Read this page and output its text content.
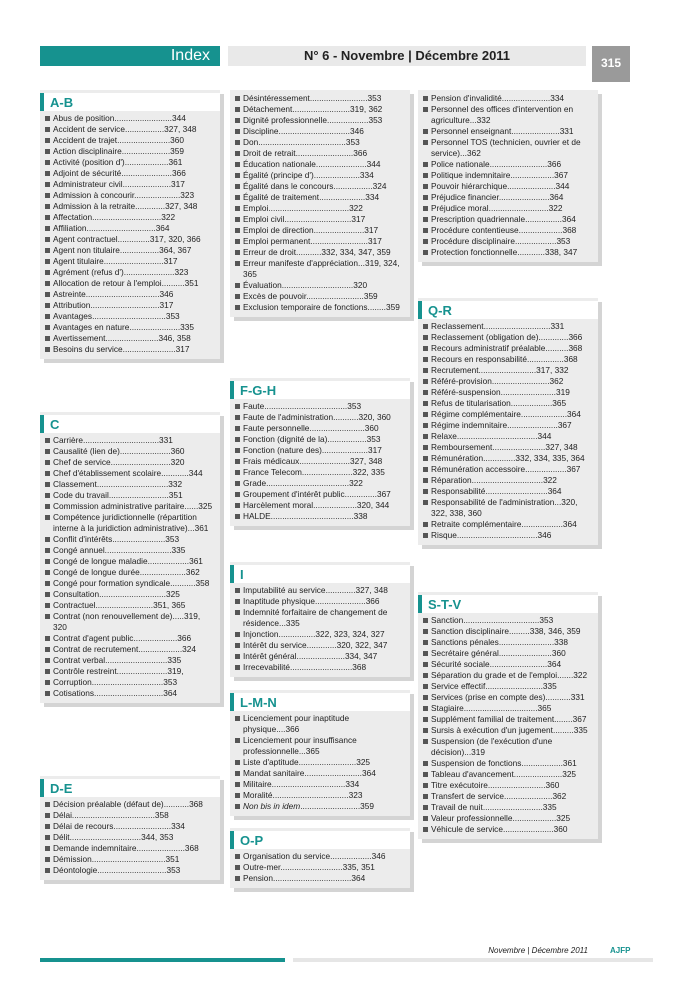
Index	N° 6 - Novembre | Décembre 2011	315
A-B
Abus de position.........................344
Accident de service.................327, 348
Accident de trajet.......................360
Action disciplinaire.....................359
Activité (position d')...................361
Adjoint de sécurité......................366
Administrateur civil.....................317
Admission à concourir....................323
Admission à la retraite.............327, 348
Affectation..............................322
Affiliation..............................364
Agent contractuel..............317, 320, 366
Agent non titulaire.................364, 367
Agent titulaire..........................317
Agrément (refus d')......................323
Allocation de retour à l'emploi..........351
Astreinte................................346
Attribution..............................317
Avantages................................353
Avantages en nature......................335
Avertissement.......................346, 358
Besoins du service.......................317
C
Carrière.................................331
Causalité (lien de)......................360
Chef de service..........................320
Chef d'établissement scolaire............344
Classement...............................332
Code du travail..........................351
Commission administrative paritaire......325
Compétence juridictionnelle (répartition interne à la juridiction administrative)...361
Conflit d'intérêts.......................353
Congé annuel.............................335
Congé de longue maladie..................361
Congé de longue durée....................362
Congé pour formation syndicale...........358
Consultation.............................325
Contractuel.........................351, 365
Contrat (non renouvellement de).....319, 320
Contrat d'agent public...................366
Contrat de recrutement...................324
Contrat verbal...........................335
Contrôle restreint......................319,
Corruption...............................353
Cotisations..............................364
D-E
Décision préalable (défaut de)...........368
Délai....................................358
Délai de recours.........................334
Délit...............................344, 353
Demande indemnitaire.....................368
Démission................................351
Déontologie..............................353
Désintéressement.........................353
Détachement.........................319, 362
Dignité professionnelle..................353
Discipline...............................346
Don......................................353
Droit de retrait.........................366
Éducation nationale......................344
Égalité (principe d')....................334
Égalité dans le concours.................324
Égalité de traitement....................334
Emploi...................................322
Emploi civil.............................317
Emploi de direction......................317
Emploi permanent.........................317
Erreur de droit...........332, 334, 347, 359
Erreur manifeste d'appréciation...319, 324, 365
Évaluation...............................320
Excès de pouvoir.........................359
Exclusion temporaire de fonctions........359
F-G-H
Faute....................................353
Faute de l'administration...........320, 360
Faute personnelle........................360
Fonction (dignité de la).................353
Fonction (nature des)....................317
Frais médicaux......................327, 348
France Telecom......................322, 335
Grade....................................322
Groupement d'intérêt public..............367
Harcèlement moral...................320, 344
HALDE....................................338
I
Imputabilité au service.............327, 348
Inaptitude physique......................366
Indemnité forfaitaire de changement de résidence...335
Injonction................322, 323, 324, 327
Intérêt du service.............320, 322, 347
Intérêt général.....................334, 347
Irrecevabilité...........................368
L-M-N
Licenciement pour inaptitude physique....366
Licenciement pour insuffisance professionnelle...365
Liste d'aptitude.........................325
Mandat sanitaire.........................364
Militaire................................334
Moralité.................................323
Non bis in idem..........................359
O-P
Organisation du service..................346
Outre-mer...........................335, 351
Pension..................................364
Pension d'invalidité.....................334
Personnel des offices d'intervention en agriculture...332
Personnel enseignant.....................331
Personnel TOS (technicien, ouvrier et de service)...362
Police nationale.........................366
Politique indemnitaire...................367
Pouvoir hiérarchique.....................344
Préjudice financier......................364
Préjudice moral..........................322
Prescription quadriennale................364
Procédure contentieuse...................368
Procédure disciplinaire..................353
Protection fonctionnelle............338, 347
Q-R
Reclassement.............................331
Reclassement (obligation de).............366
Recours administratif préalable..........368
Recours en responsabilité................368
Recrutement.........................317, 332
Référé-provision.........................362
Référé-suspension........................319
Refus de titularisation..................365
Régime complémentaire....................364
Régime indemnitaire......................367
Relaxe...................................344
Remboursement.......................327, 348
Rémunération..............332, 334, 335, 364
Rémunération accessoire..................367
Réparation...............................322
Responsabilité...........................364
Responsabilité de l'administration...320, 322, 338, 360
Retraite complémentaire..................364
Risque...................................346
S-T-V
Sanction.................................353
Sanction disciplinaire.........338, 346, 359
Sanctions pénales........................338
Secrétaire général.......................360
Sécurité sociale.........................364
Séparation du grade et de l'emploi.......322
Service effectif.........................335
Services (prise en compte des)...........331
Stagiaire................................365
Supplément familial de traitement........367
Sursis à exécution d'un jugement.........335
Suspension (de l'exécution d'une décision)...319
Suspension de fonctions..................361
Tableau d'avancement.....................325
Titre exécutoire.........................360
Transfert de service.....................362
Travail de nuit..........................335
Valeur professionnelle...................325
Véhicule de service......................360
Novembre | Décembre 2011	AJFP
